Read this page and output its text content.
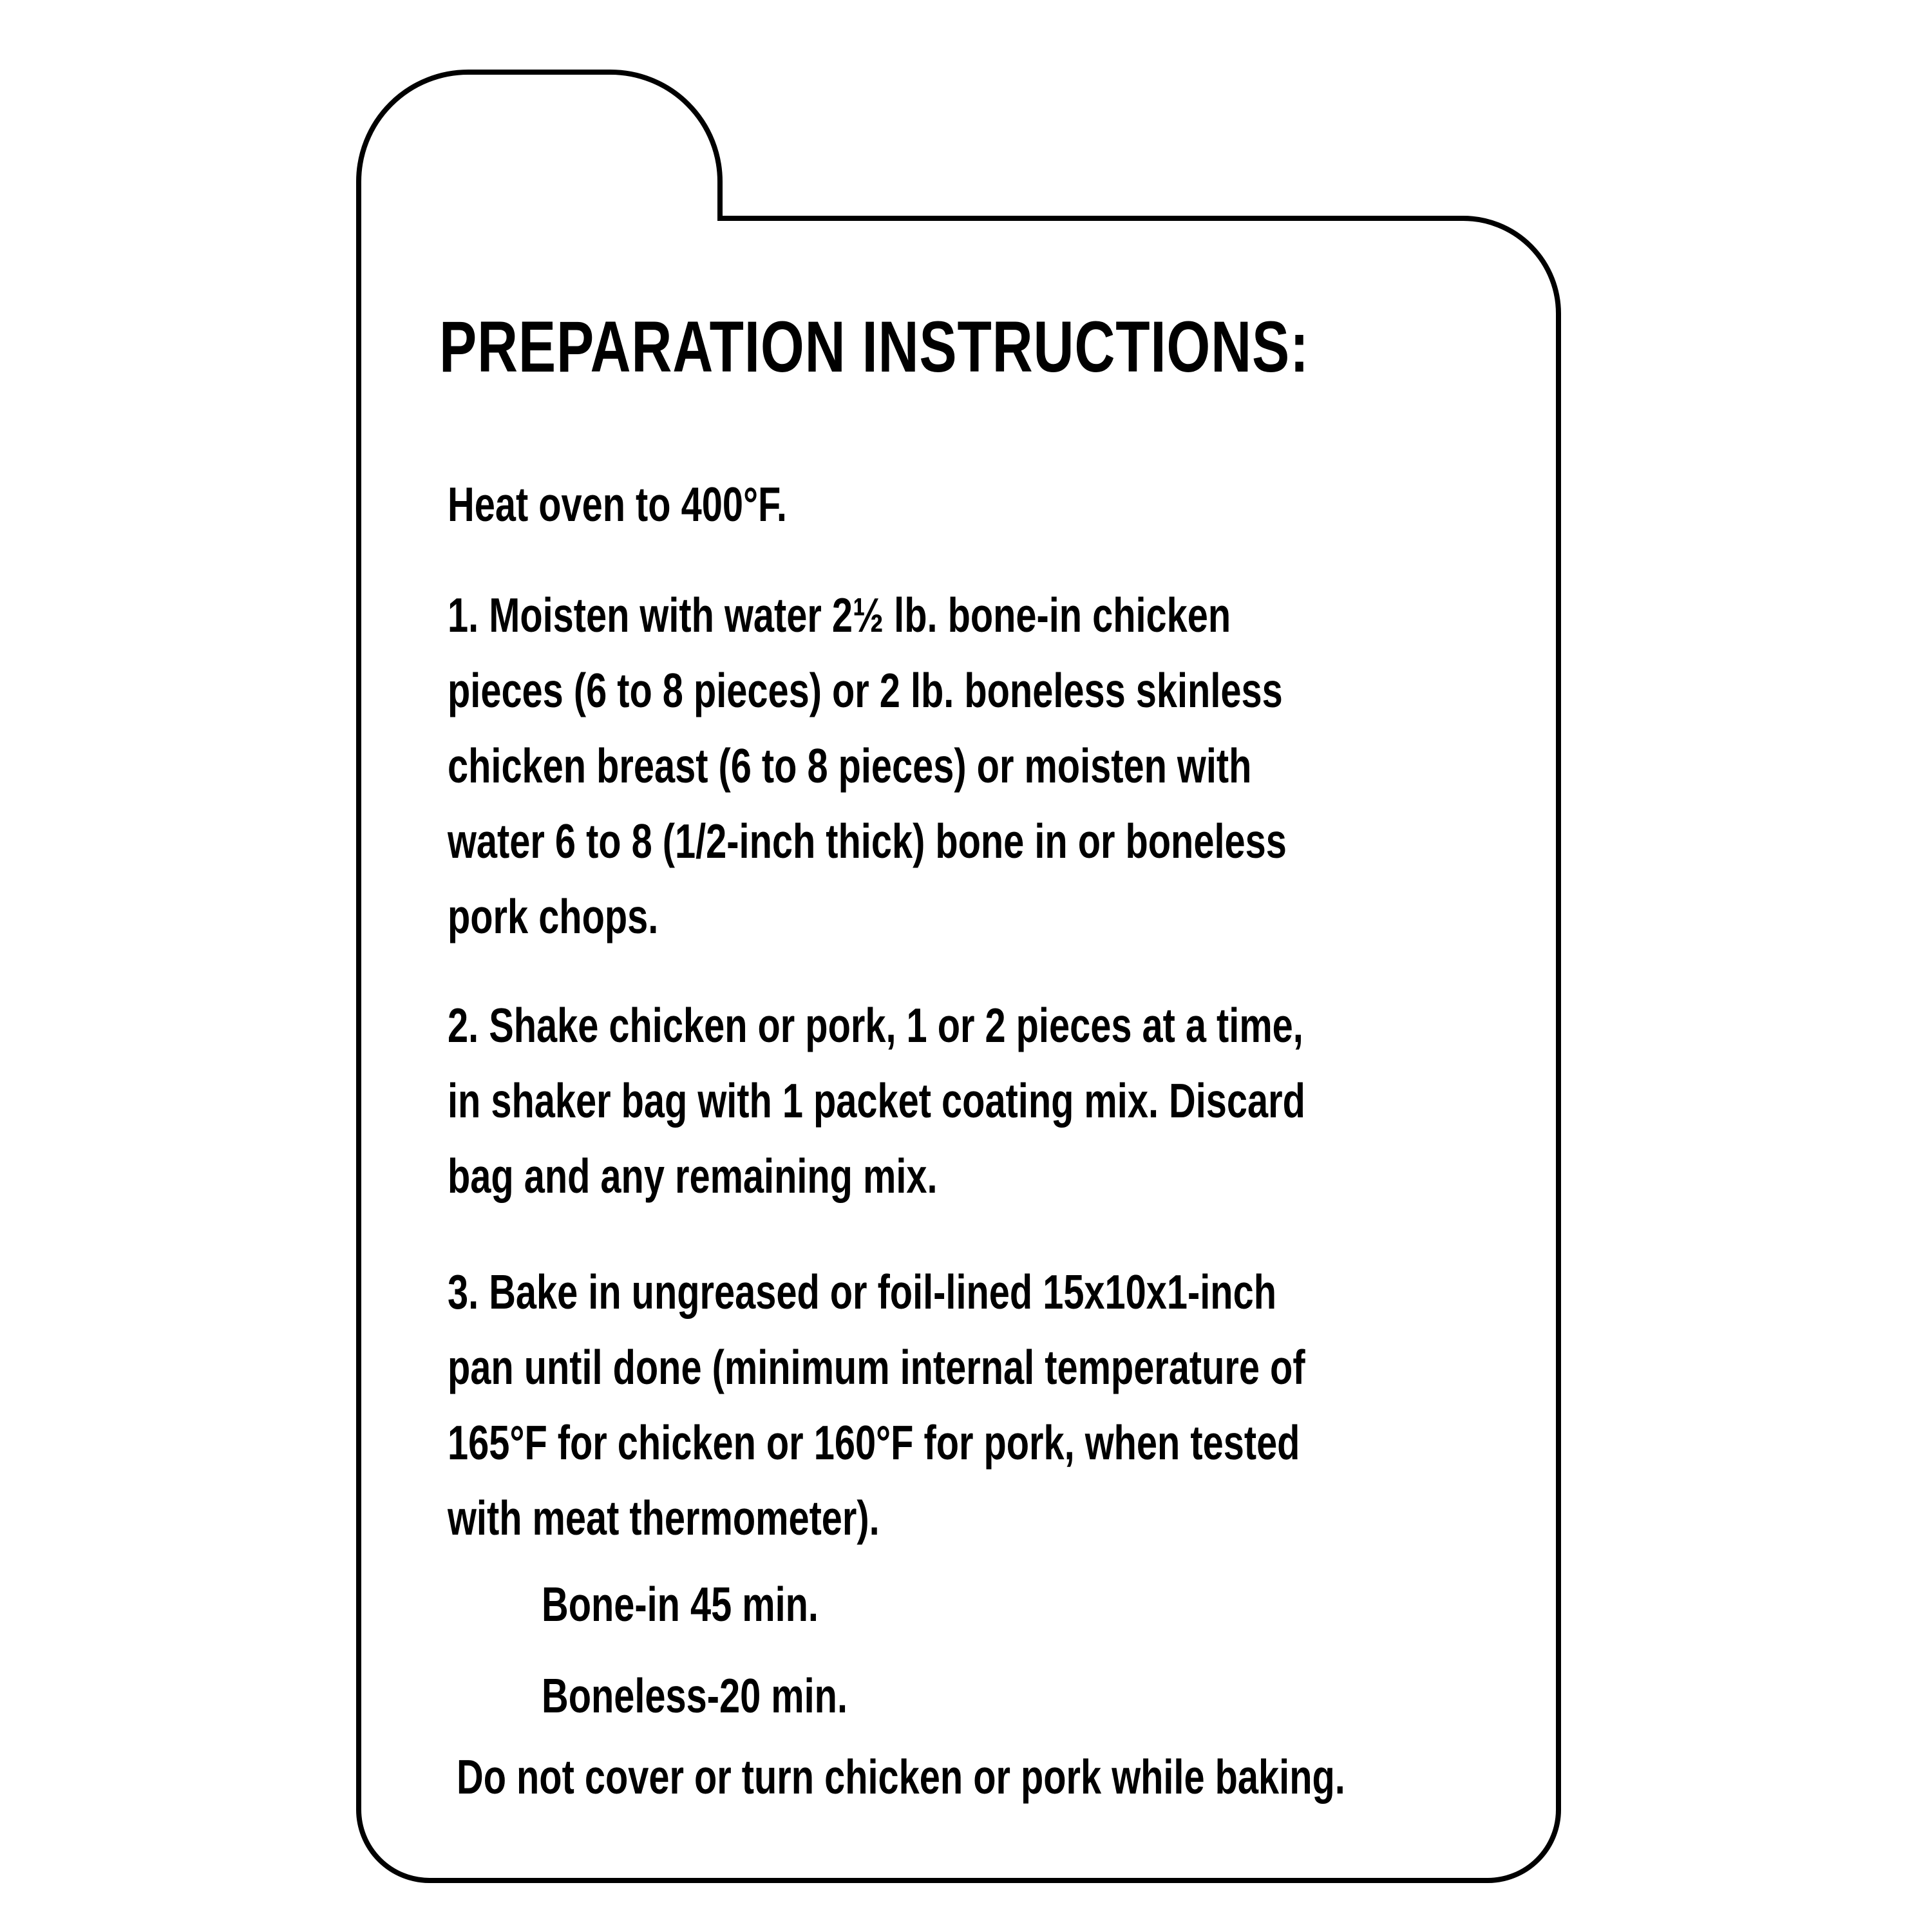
PREPARATION INSTRUCTIONS:

Heat oven to 400°F.

1. Moisten with water 2½ lb. bone-in chicken
pieces (6 to 8 pieces) or 2 lb. boneless skinless
chicken breast (6 to 8 pieces) or moisten with
water 6 to 8 (1/2-inch thick) bone in or boneless
pork chops.
2. Shake chicken or pork, 1 or 2 pieces at a time,
in shaker bag with 1 packet coating mix. Discard
bag and any remaining mix.
3. Bake in ungreased or foil-lined 15x10x1-inch
pan until done (minimum internal temperature of
165°F for chicken or 160°F for pork, when tested
with meat thermometer).

Bone-in 45 min.

Boneless-20 min.

Do not cover or turn chicken or pork while baking.
